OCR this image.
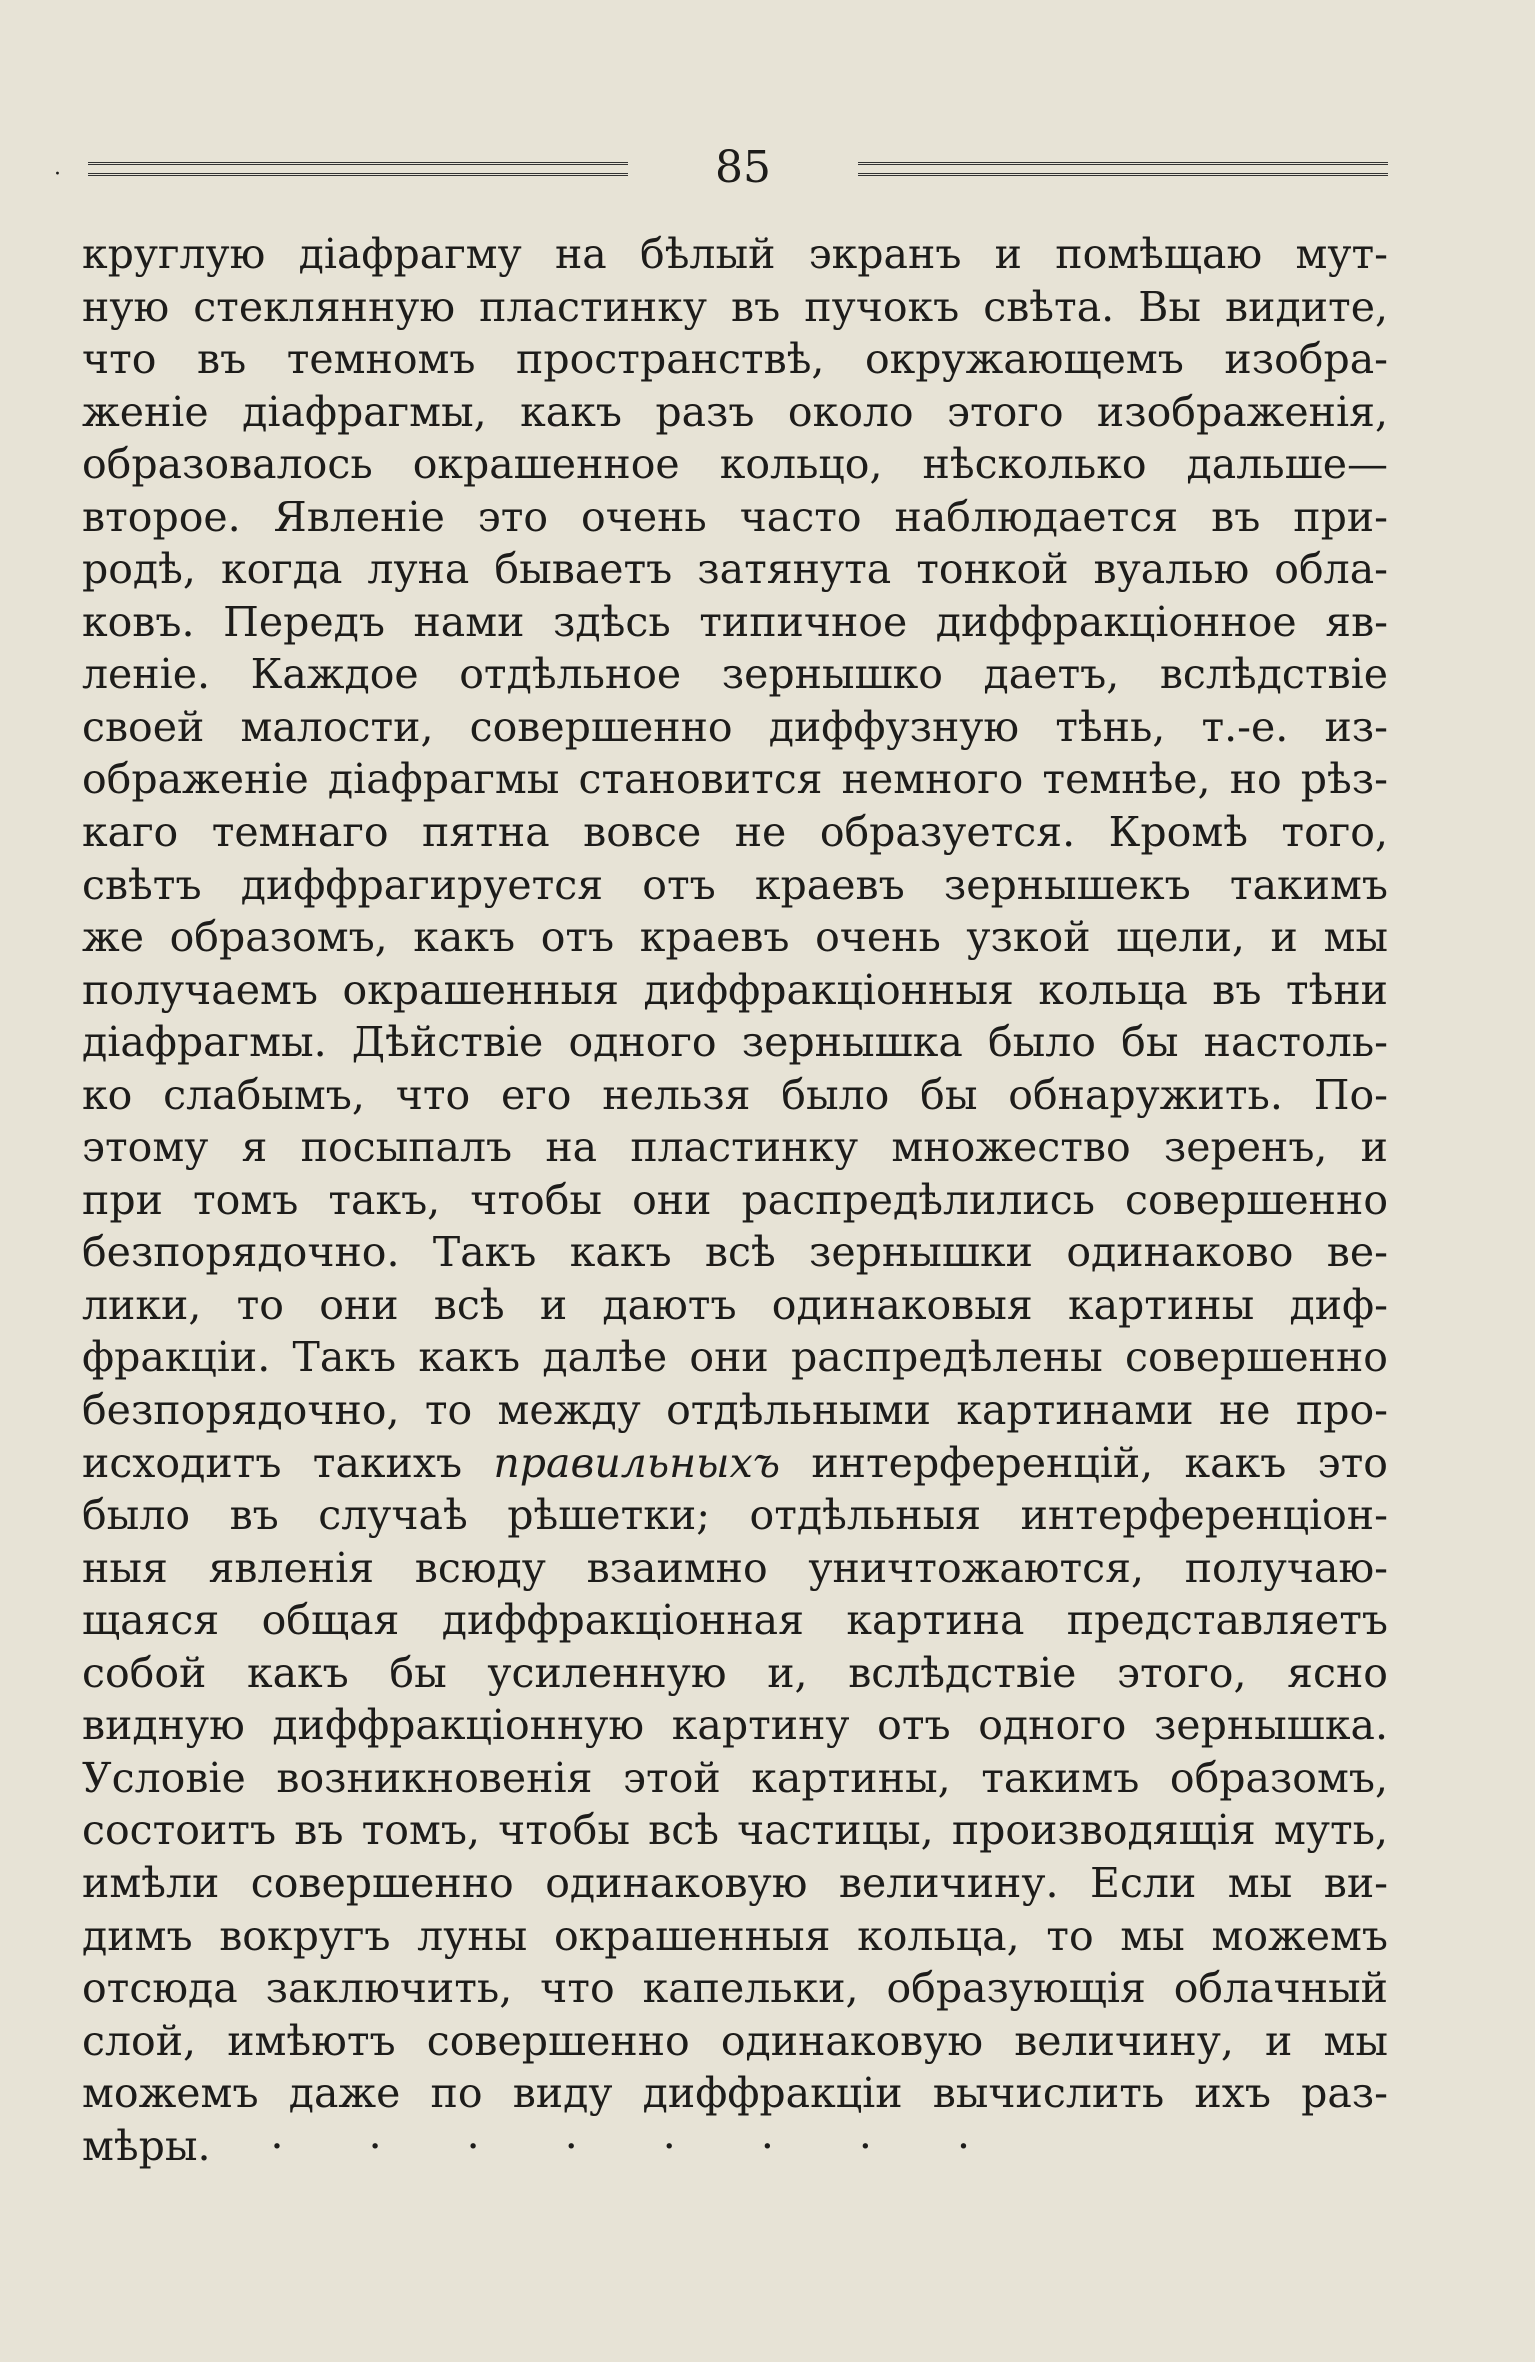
·	85
круглую діафрагму на бѣлый экранъ и помѣщаю мут-
ную стеклянную пластинку въ пучокъ свѣта. Вы видите,
что въ темномъ пространствѣ, окружающемъ изобра-
женіе діафрагмы, какъ разъ около этого изображенія,
образовалось окрашенное кольцо, нѣсколько дальше—
второе. Явленіе это очень часто наблюдается въ при-
родѣ, когда луна бываетъ затянута тонкой вуалью обла-
ковъ. Передъ нами здѣсь типичное диффракціонное яв-
леніе. Каждое отдѣльное зернышко даетъ, вслѣдствіе
своей малости, совершенно диффузную тѣнь, т.-е. из-
ображеніе діафрагмы становится немного темнѣе, но рѣз-
каго темнаго пятна вовсе не образуется. Кромѣ того,
свѣтъ диффрагируется отъ краевъ зернышекъ такимъ
же образомъ, какъ отъ краевъ очень узкой щели, и мы
получаемъ окрашенныя диффракціонныя кольца въ тѣни
діафрагмы. Дѣйствіе одного зернышка было бы настоль-
ко слабымъ, что его нельзя было бы обнаружить. По-
этому я посыпалъ на пластинку множество зеренъ, и
при томъ такъ, чтобы они распредѣлились совершенно
безпорядочно. Такъ какъ всѣ зернышки одинаково ве-
лики, то они всѣ и даютъ одинаковыя картины диф-
фракціи. Такъ какъ далѣе они распредѣлены совершенно
безпорядочно, то между отдѣльными картинами не про-
исходитъ такихъ правильныхъ интерференцій, какъ это
было въ случаѣ рѣшетки; отдѣльныя интерференціон-
ныя явленія всюду взаимно уничтожаются, получаю-
щаяся общая диффракціонная картина представляетъ
собой какъ бы усиленную и, вслѣдствіе этого, ясно
видную диффракціонную картину отъ одного зернышка.
Условіе возникновенія этой картины, такимъ образомъ,
состоитъ въ томъ, чтобы всѣ частицы, производящія муть,
имѣли совершенно одинаковую величину. Если мы ви-
димъ вокругъ луны окрашенныя кольца, то мы можемъ
отсюда заключить, что капельки, образующія облачный
слой, имѣютъ совершенно одинаковую величину, и мы
можемъ даже по виду диффракціи вычислить ихъ раз-
мѣры. · · · · · · · ·
